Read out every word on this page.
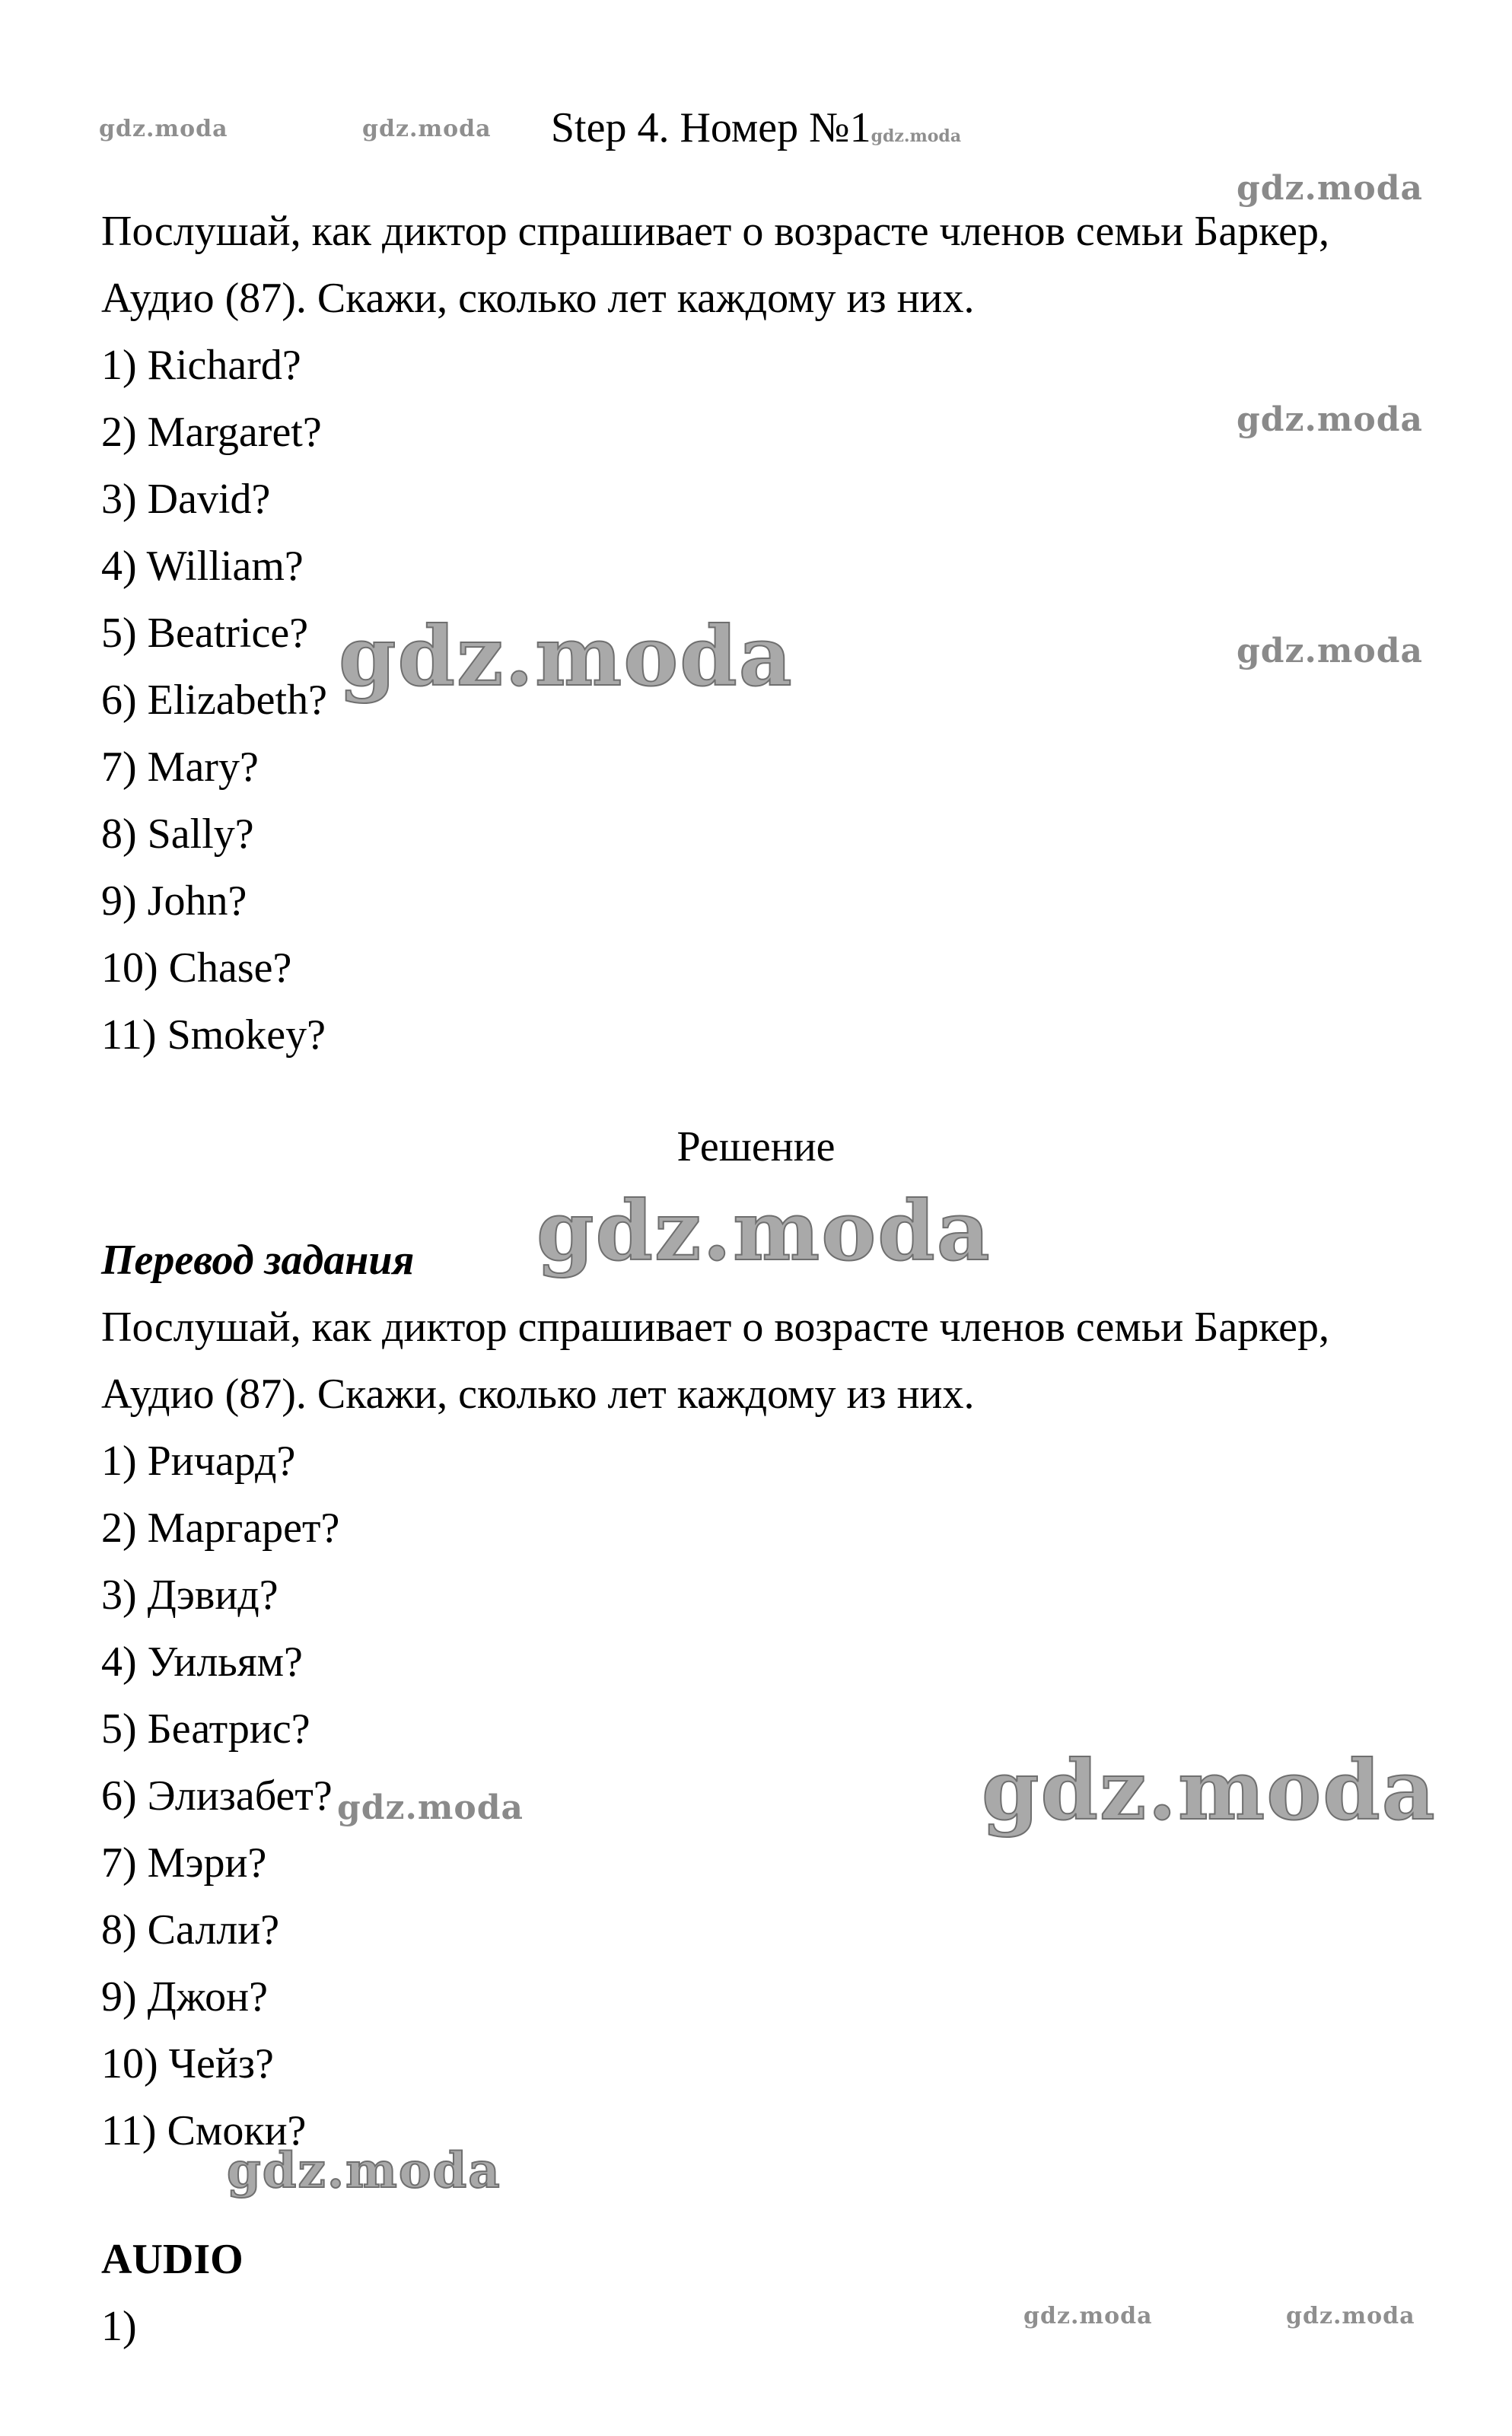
Step 4. Номер №1gdz.moda
Послушай, как диктор спрашивает о возрасте членов семьи Баркер,
Аудио (87). Скажи, сколько лет каждому из них.
1) Richard?
2) Margaret?
3) David?
4) William?
5) Beatrice?
6) Elizabeth?
7) Mary?
8) Sally?
9) John?
10) Chase?
11) Smokey?
Решение
Перевод задания
Послушай, как диктор спрашивает о возрасте членов семьи Баркер,
Аудио (87). Скажи, сколько лет каждому из них.
1) Ричард?
2) Маргарет?
3) Дэвид?
4) Уильям?
5) Беатрис?
6) Элизабет?
7) Мэри?
8) Салли?
9) Джон?
10) Чейз?
11) Смоки?
AUDIO
1)
gdz.moda	gdz.moda
gdz.moda
gdz.moda
gdz.moda
gdz.moda
gdz.moda
gdz.moda
gdz.moda
gdz.moda
gdz.moda	gdz.moda
